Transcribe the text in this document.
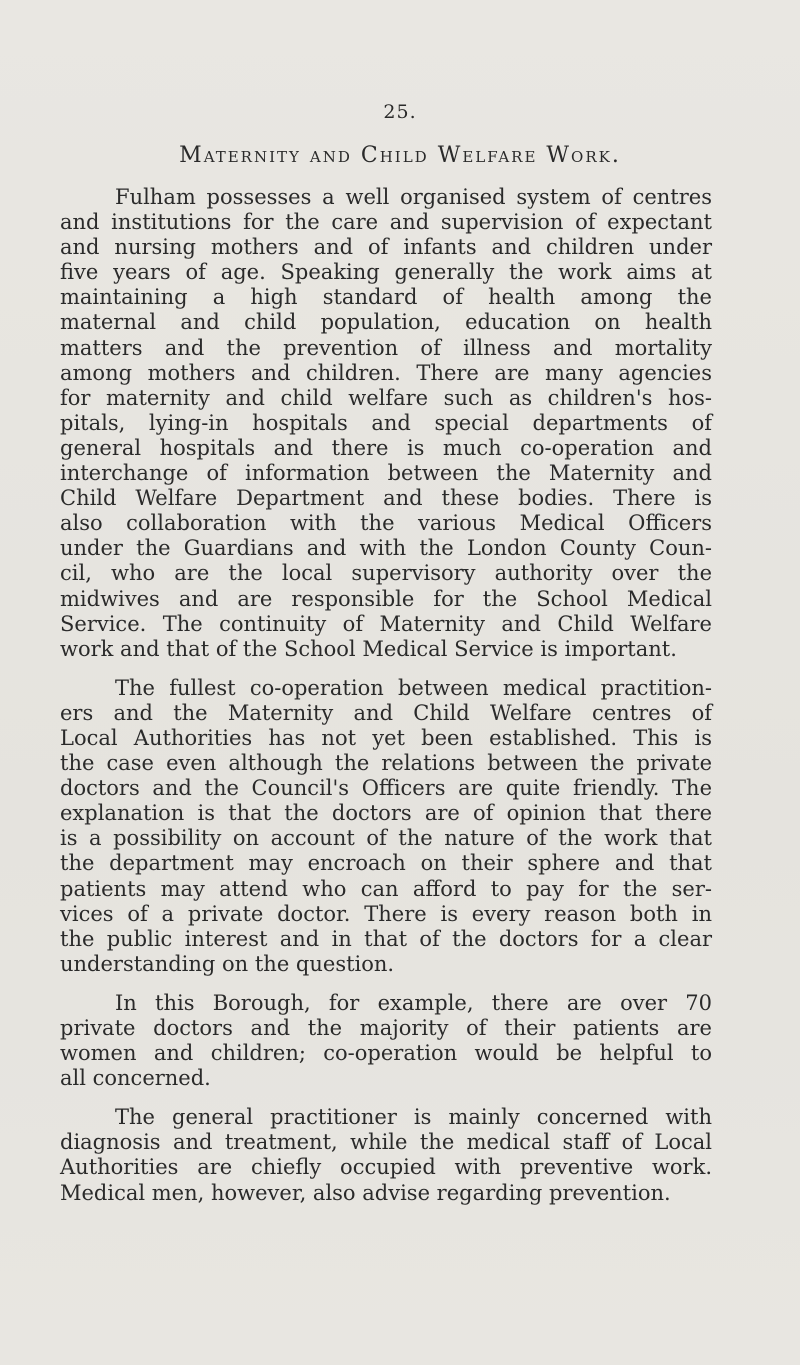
25.
Maternity and Child Welfare Work.
Fulham possesses a well organised system of centres
and institutions for the care and supervision of expectant
and nursing mothers and of infants and children under
five years of age. Speaking generally the work aims at
maintaining a high standard of health among the
maternal and child population, education on health
matters and the prevention of illness and mortality
among mothers and children. There are many agencies
for maternity and child welfare such as children's hos-
pitals, lying-in hospitals and special departments of
general hospitals and there is much co-operation and
interchange of information between the Maternity and
Child Welfare Department and these bodies. There is
also collaboration with the various Medical Officers
under the Guardians and with the London County Coun-
cil, who are the local supervisory authority over the
midwives and are responsible for the School Medical
Service. The continuity of Maternity and Child Welfare
work and that of the School Medical Service is important.
The fullest co-operation between medical practition-
ers and the Maternity and Child Welfare centres of
Local Authorities has not yet been established. This is
the case even although the relations between the private
doctors and the Council's Officers are quite friendly. The
explanation is that the doctors are of opinion that there
is a possibility on account of the nature of the work that
the department may encroach on their sphere and that
patients may attend who can afford to pay for the ser-
vices of a private doctor. There is every reason both in
the public interest and in that of the doctors for a clear
understanding on the question.
In this Borough, for example, there are over 70
private doctors and the majority of their patients are
women and children; co-operation would be helpful to
all concerned.
The general practitioner is mainly concerned with
diagnosis and treatment, while the medical staff of Local
Authorities are chiefly occupied with preventive work.
Medical men, however, also advise regarding prevention.
